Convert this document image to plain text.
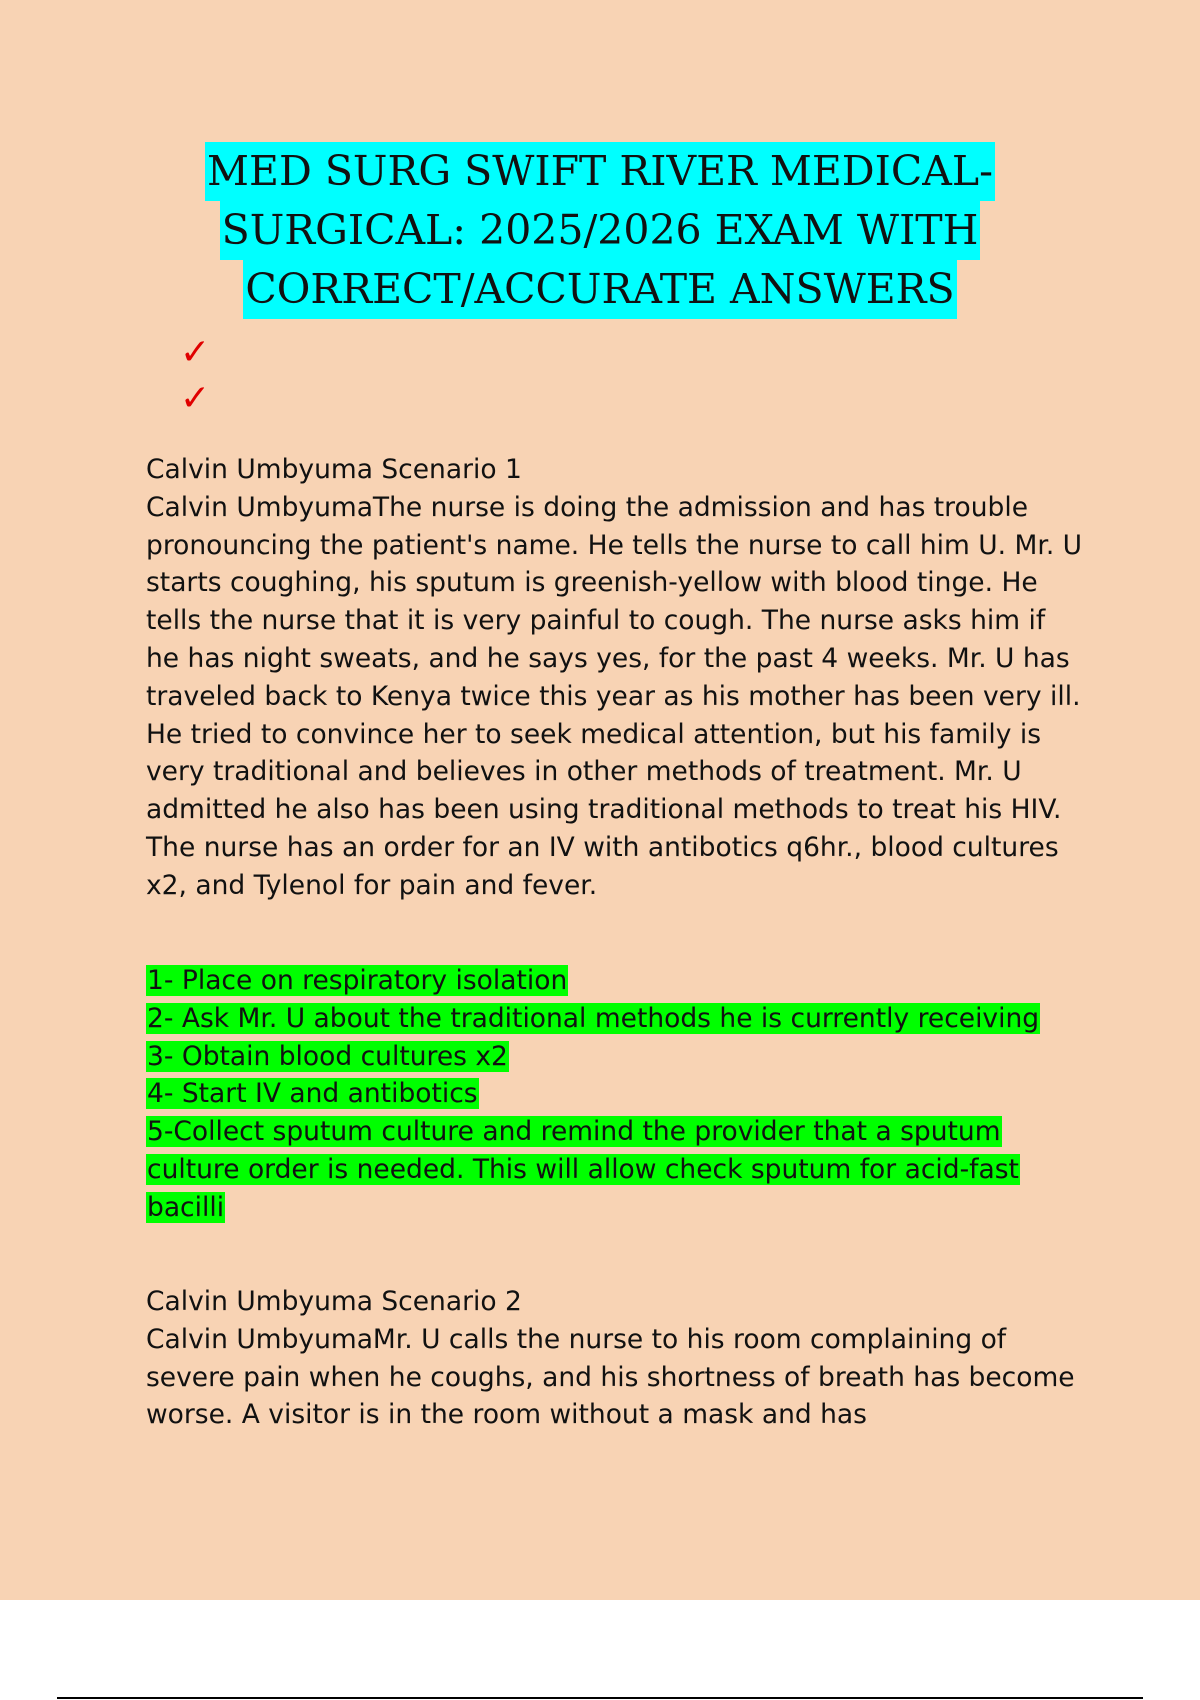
MED SURG SWIFT RIVER MEDICAL-
SURGICAL: 2025/2026 EXAM WITH
CORRECT/ACCURATE ANSWERS
✓
✓
Calvin Umbyuma Scenario 1
Calvin UmbyumaThe nurse is doing the admission and has trouble pronouncing the patient's name. He tells the nurse to call him U. Mr. U starts coughing, his sputum is greenish-yellow with blood tinge. He tells the nurse that it is very painful to cough. The nurse asks him if he has night sweats, and he says yes, for the past 4 weeks. Mr. U has traveled back to Kenya twice this year as his mother has been very ill. He tried to convince her to seek medical attention, but his family is very traditional and believes in other methods of treatment. Mr. U admitted he also has been using traditional methods to treat his HIV. The nurse has an order for an IV with antibotics q6hr., blood cultures x2, and Tylenol for pain and fever.
1- Place on respiratory isolation
2- Ask Mr. U about the traditional methods he is currently receiving
3- Obtain blood cultures x2
4- Start IV and antibotics
5-Collect sputum culture and remind the provider that a sputum culture order is needed. This will allow check sputum for acid-fast bacilli
Calvin Umbyuma Scenario 2
Calvin UmbyumaMr. U calls the nurse to his room complaining of severe pain when he coughs, and his shortness of breath has become worse. A visitor is in the room without a mask and has
